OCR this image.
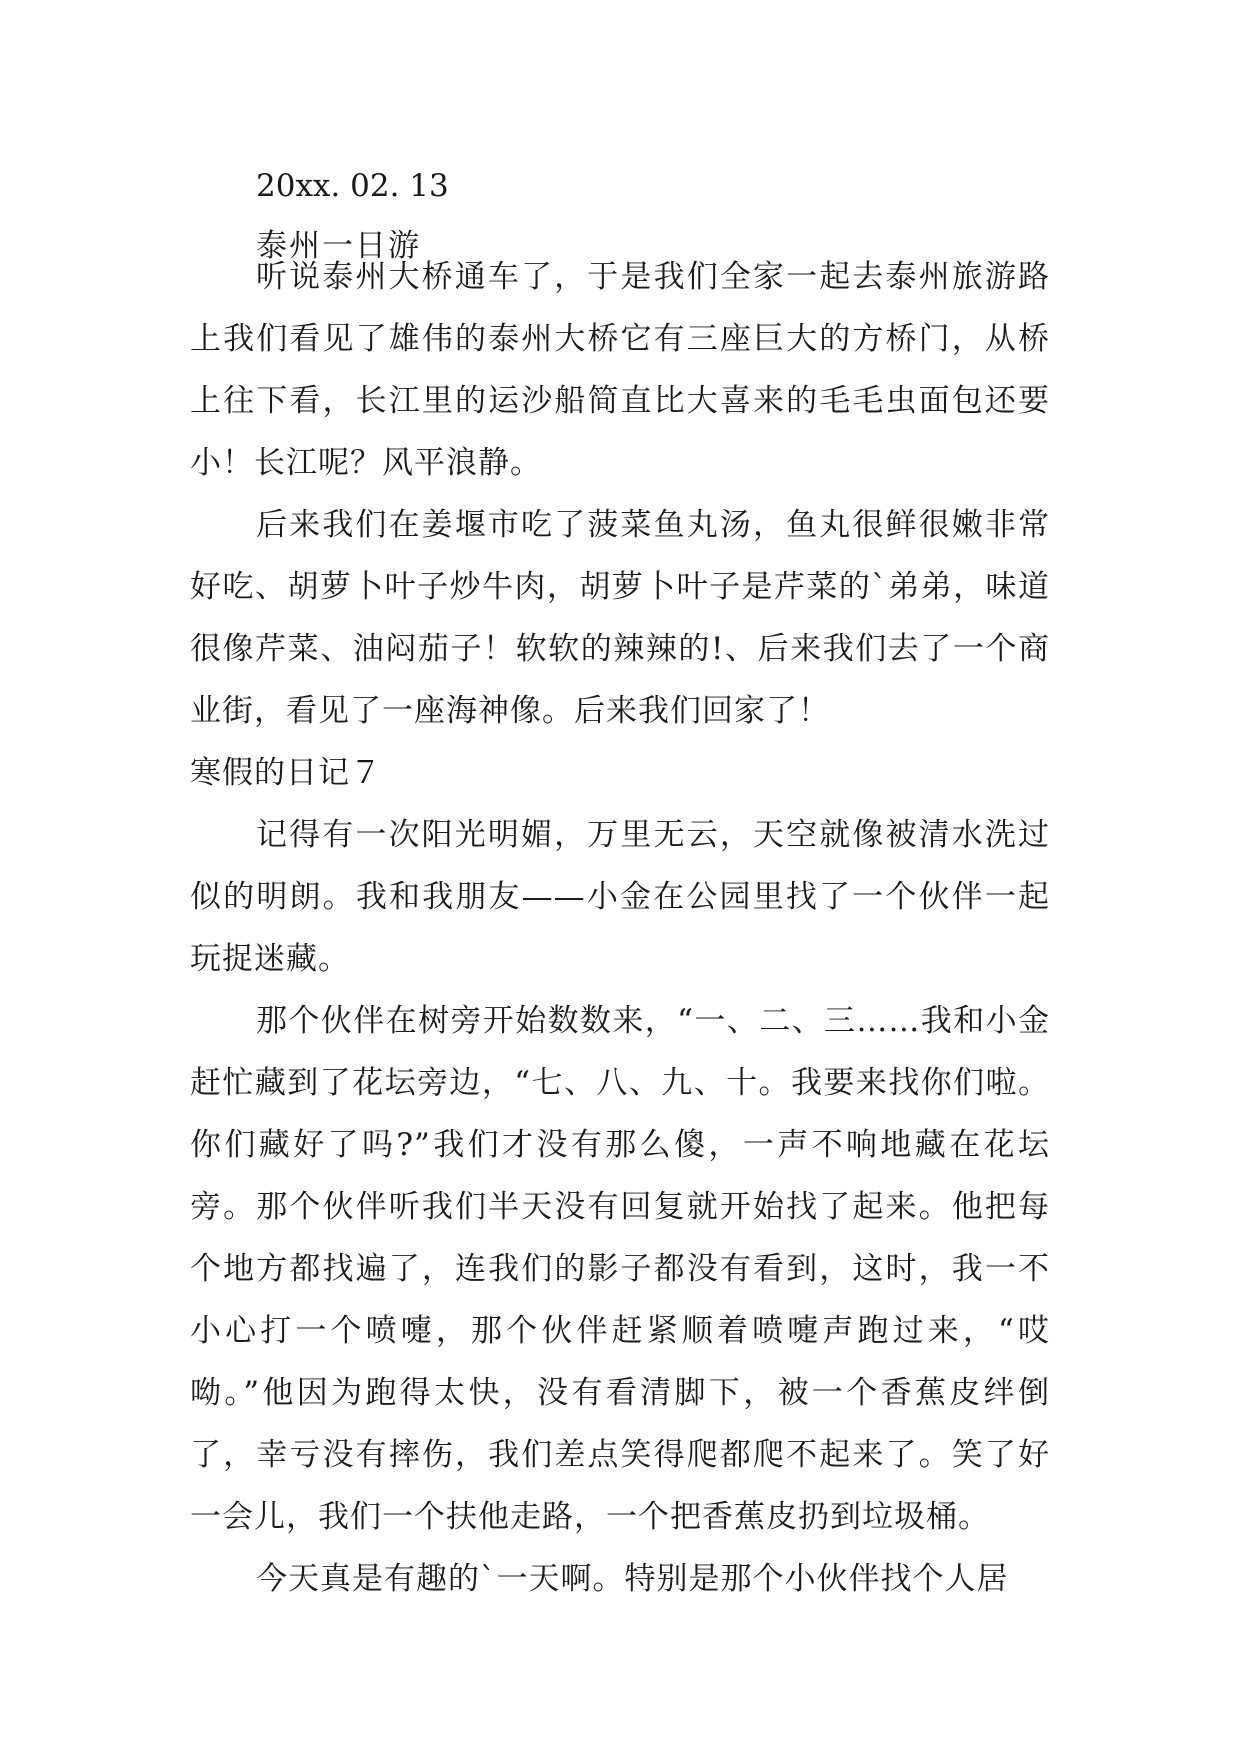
20xx. 02. 13
泰州一日游

听说泰州大桥通车了，于是我们全家一起去泰州旅游路上我们看见了雄伟的泰州大桥它有三座巨大的方桥门，从桥上往下看，长江里的运沙船简直比大喜来的毛毛虫面包还要小！长江呢？风平浪静。

后来我们在姜堰市吃了菠菜鱼丸汤，鱼丸很鲜很嫩非常好吃、胡萝卜叶子炒牛肉，胡萝卜叶子是芹菜的`弟弟，味道很像芹菜、油闷茄子！软软的辣辣的!、后来我们去了一个商业街，看见了一座海神像。后来我们回家了！

寒假的日记７

记得有一次阳光明媚，万里无云，天空就像被清水洗过似的明朗。我和我朋友——小金在公园里找了一个伙伴一起玩捉迷藏。

那个伙伴在树旁开始数数来，“一、二、三……我和小金赶忙藏到了花坛旁边，“七、八、九、十。我要来找你们啦。你们藏好了吗?”我们才没有那么傻，一声不响地藏在花坛旁。那个伙伴听我们半天没有回复就开始找了起来。他把每个地方都找遍了，连我们的影子都没有看到，这时，我一不小心打一个喷嚏，那个伙伴赶紧顺着喷嚏声跑过来，“哎呦。”他因为跑得太快，没有看清脚下，被一个香蕉皮绊倒了，幸亏没有摔伤，我们差点笑得爬都爬不起来了。笑了好一会儿，我们一个扶他走路，一个把香蕉皮扔到垃圾桶。

今天真是有趣的`一天啊。特别是那个小伙伴找个人居
